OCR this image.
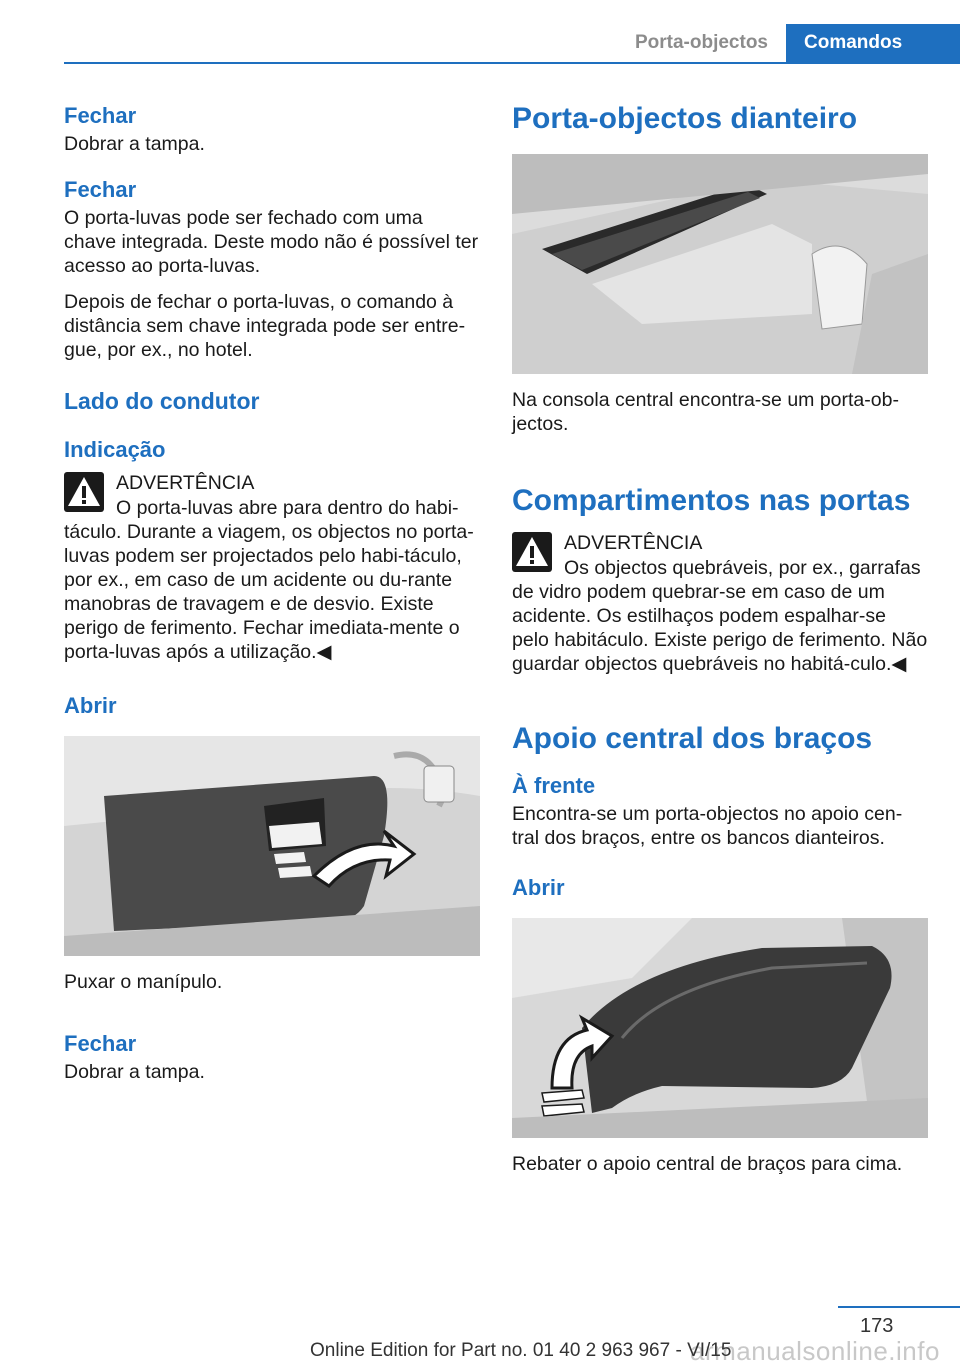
Porta-objectos	Comandos
Fechar

Dobrar a tampa.

Fechar

O porta-luvas pode ser fechado com uma chave integrada. Deste modo não é possível ter acesso ao porta-luvas.

Depois de fechar o porta-luvas, o comando à distância sem chave integrada pode ser entre-gue, por ex., no hotel.

Lado do condutor
Indicação
ADVERTÊNCIA
O porta-luvas abre para dentro do habi-
táculo. Durante a viagem, os objectos no porta-luvas podem ser projectados pelo habi-táculo, por ex., em caso de um acidente ou du-rante manobras de travagem e de desvio. Existe perigo de ferimento. Fechar imediata-mente o porta-luvas após a utilização.◀
Abrir

Puxar o manípulo.

Fechar

Dobrar a tampa.

Porta-objectos dianteiro

Na consola central encontra-se um porta-ob-jectos.

Compartimentos nas portas
ADVERTÊNCIA
Os objectos quebráveis, por ex., garrafas
de vidro podem quebrar-se em caso de um acidente. Os estilhaços podem espalhar-se pelo habitáculo. Existe perigo de ferimento. Não guardar objectos quebráveis no habitá-culo.◀
Apoio central dos braços
À frente

Encontra-se um porta-objectos no apoio cen-tral dos braços, entre os bancos dianteiros.

Abrir

Rebater o apoio central de braços para cima.

173
armanualsonline.info
Online Edition for Part no. 01 40 2 963 967 - VI/15
